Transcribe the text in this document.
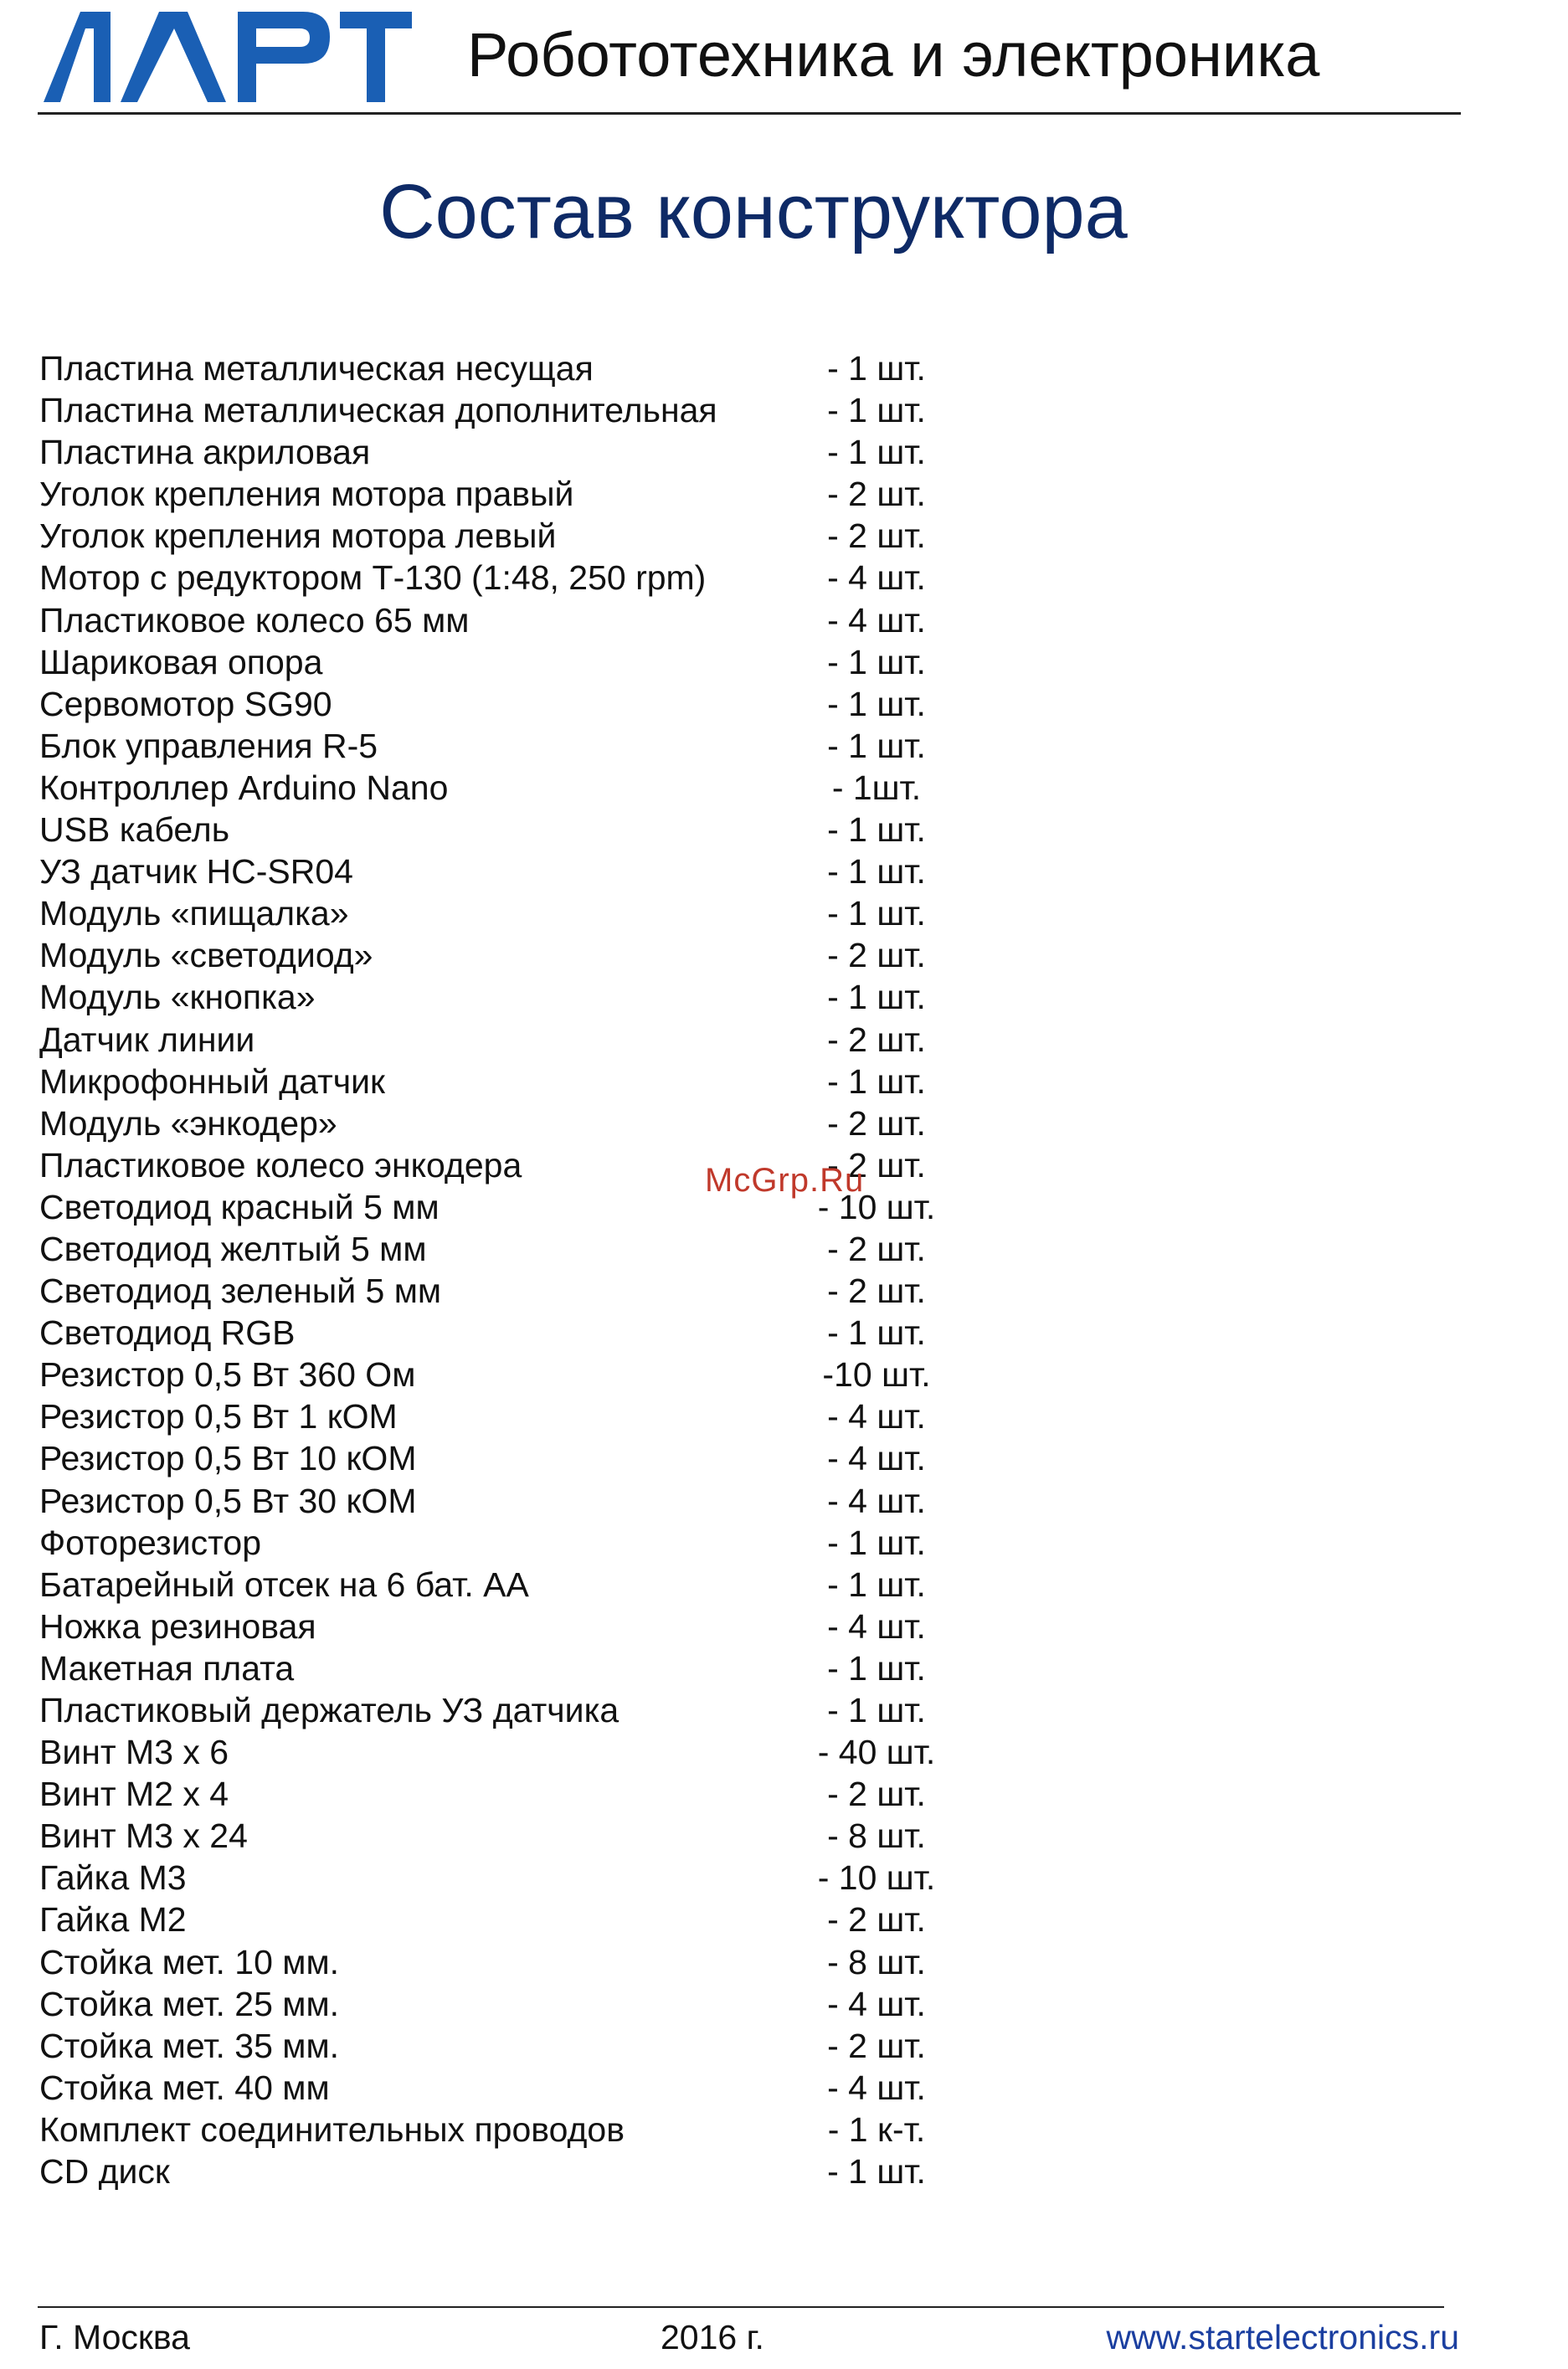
Робототехника и электроника
Состав конструктора
Пластина металлическая несущая	- 1 шт.
Пластина металлическая дополнительная	- 1 шт.
Пластина акриловая	- 1 шт.
Уголок крепления мотора правый	- 2 шт.
Уголок крепления мотора левый	- 2 шт.
Мотор с редуктором Т-130 (1:48, 250 rpm)	- 4 шт.
Пластиковое колесо 65 мм	- 4 шт.
Шариковая опора	- 1 шт.
Сервомотор SG90	- 1 шт.
Блок управления R-5	- 1 шт.
Контроллер Arduino Nano	- 1шт.
USB кабель	- 1 шт.
УЗ датчик HC-SR04	- 1 шт.
Модуль «пищалка»	- 1 шт.
Модуль «светодиод»	- 2 шт.
Модуль «кнопка»	- 1 шт.
Датчик линии	- 2 шт.
Микрофонный датчик	- 1 шт.
Модуль «энкодер»	- 2 шт.
Пластиковое колесо энкодера	- 2 шт.
Светодиод красный 5 мм	- 10 шт.
Светодиод желтый 5 мм	- 2 шт.
Светодиод зеленый 5 мм	- 2 шт.
Светодиод RGB	- 1 шт.
Резистор 0,5 Вт 360 Ом	-10 шт.
Резистор 0,5 Вт 1 кОМ	- 4 шт.
Резистор 0,5 Вт 10 кОМ	- 4 шт.
Резистор 0,5 Вт 30 кОМ	- 4 шт.
Фоторезистор	- 1 шт.
Батарейный отсек на 6 бат. АА	- 1 шт.
Ножка резиновая	- 4 шт.
Макетная плата	- 1 шт.
Пластиковый держатель УЗ датчика	- 1 шт.
Винт М3 х 6	- 40 шт.
Винт М2 х 4	- 2 шт.
Винт М3 х 24	- 8 шт.
Гайка М3	- 10 шт.
Гайка М2	- 2 шт.
Стойка мет. 10 мм.	- 8 шт.
Стойка мет. 25 мм.	- 4 шт.
Стойка мет. 35 мм.	- 2 шт.
Стойка мет. 40 мм	- 4 шт.
Комплект соединительных проводов	- 1 к-т.
CD диск	- 1 шт.
McGrp.Ru
Г. Москва	2016 г.	www.startelectronics.ru
